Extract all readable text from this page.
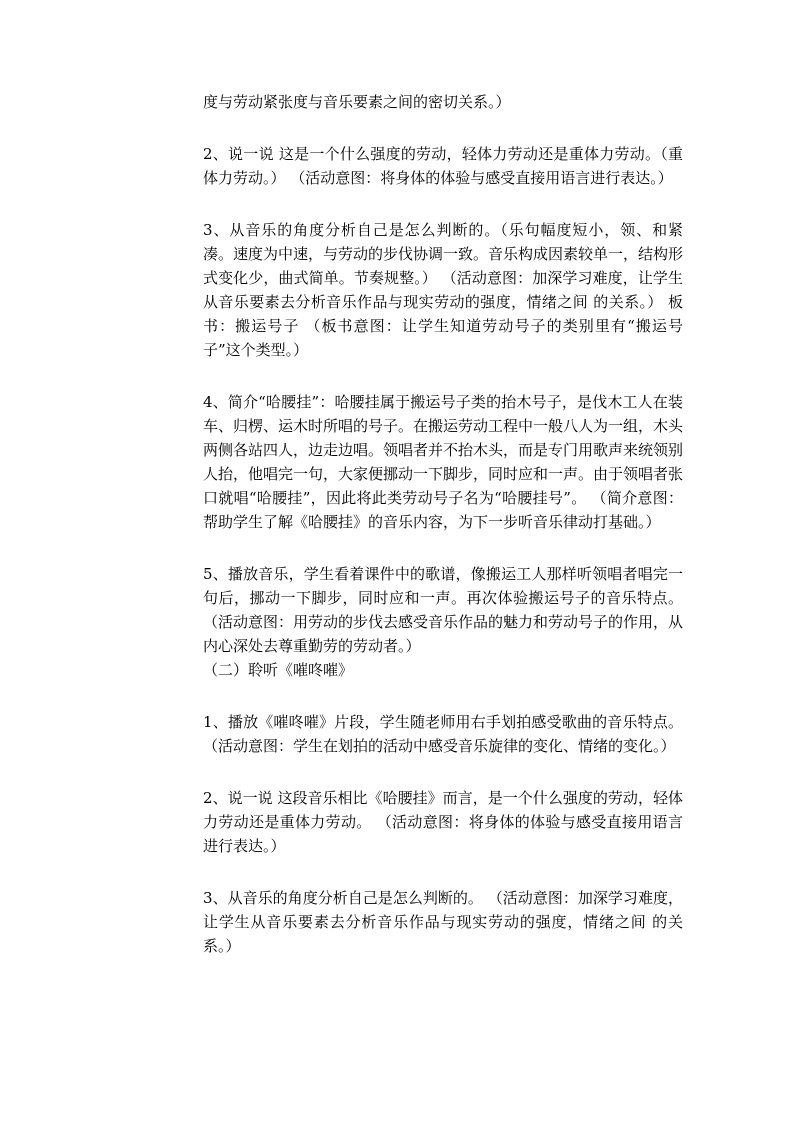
度与劳动紧张度与音乐要素之间的密切关系。）

2、说一说 这是一个什么强度的劳动，轻体力劳动还是重体力劳动。（重体力劳动。） （活动意图：将身体的体验与感受直接用语言进行表达。）

3、从音乐的角度分析自己是怎么判断的。（乐句幅度短小，领、和紧凑。速度为中速，与劳动的步伐协调一致。音乐构成因素较单一，结构形式变化少，曲式简单。节奏规整。） （活动意图：加深学习难度，让学生从音乐要素去分析音乐作品与现实劳动的强度，情绪之间 的关系。） 板书：搬运号子 （板书意图：让学生知道劳动号子的类别里有“搬运号子”这个类型。）

4、简介“哈腰挂”：哈腰挂属于搬运号子类的抬木号子，是伐木工人在装车、归楞、运木时所唱的号子。在搬运劳动工程中一般八人为一组，木头两侧各站四人，边走边唱。领唱者并不抬木头，而是专门用歌声来统领别人抬，他唱完一句，大家便挪动一下脚步，同时应和一声。由于领唱者张口就唱“哈腰挂”，因此将此类劳动号子名为“哈腰挂号”。 （简介意图：帮助学生了解《哈腰挂》的音乐内容，为下一步听音乐律动打基础。）

5、播放音乐，学生看着课件中的歌谱，像搬运工人那样听领唱者唱完一句后，挪动一下脚步，同时应和一声。再次体验搬运号子的音乐特点。 （活动意图：用劳动的步伐去感受音乐作品的魅力和劳动号子的作用，从内心深处去尊重勤劳的劳动者。）

（二）聆听《嗺咚嗺》

1、播放《嗺咚嗺》片段，学生随老师用右手划拍感受歌曲的音乐特点。 （活动意图：学生在划拍的活动中感受音乐旋律的变化、情绪的变化。）

2、说一说 这段音乐相比《哈腰挂》而言，是一个什么强度的劳动，轻体力劳动还是重体力劳动。 （活动意图：将身体的体验与感受直接用语言进行表达。）

3、从音乐的角度分析自己是怎么判断的。 （活动意图：加深学习难度，让学生从音乐要素去分析音乐作品与现实劳动的强度，情绪之间 的关系。）
